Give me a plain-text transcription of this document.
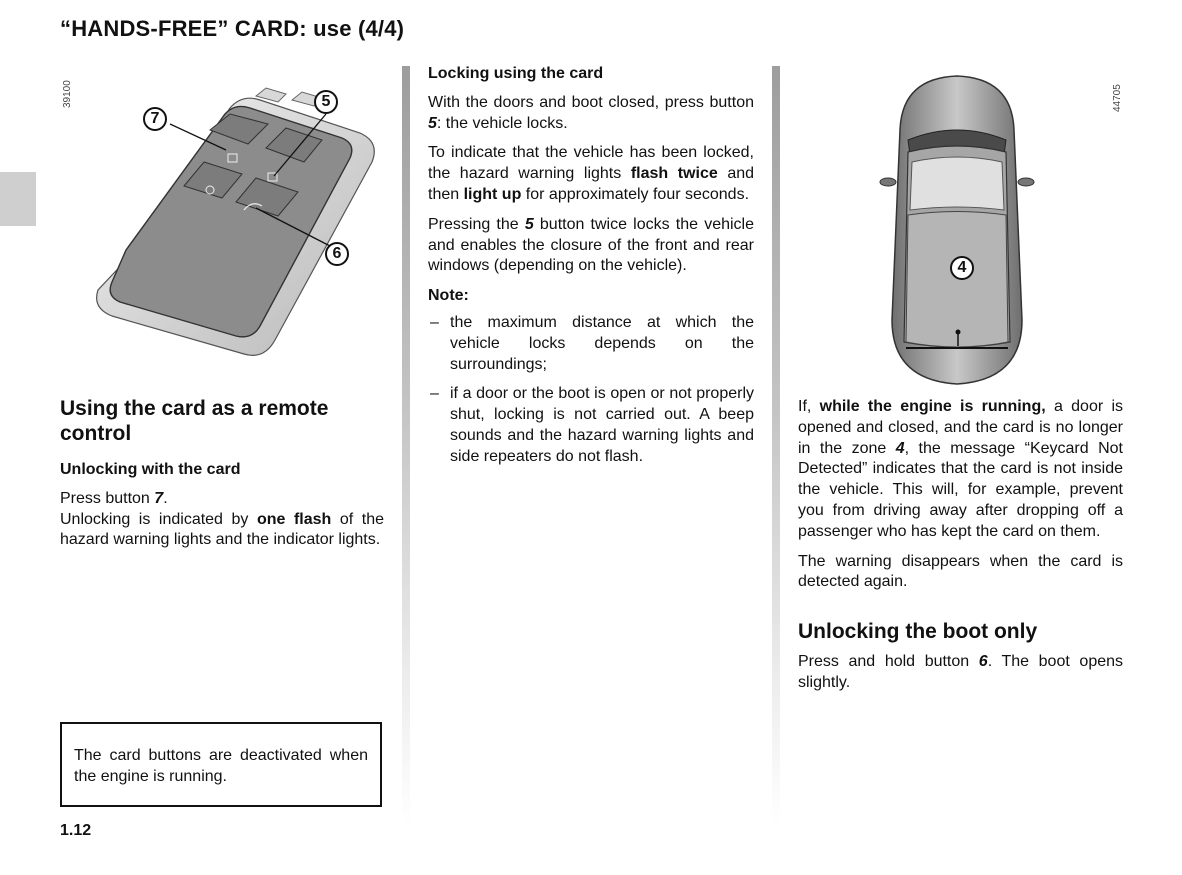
“HANDS-FREE” CARD: use (4/4)
39100
7
5
6
Using the card as a remote control
Unlocking with the card

Press button 7.

Unlocking is indicated by one flash of the hazard warning lights and the indicator lights.

The card buttons are deactivated when the engine is running.
1.12
Locking using the card

With the doors and boot closed, press button 5: the vehicle locks.

To indicate that the vehicle has been locked, the hazard warning lights flash twice and then light up for approximately four seconds.

Pressing the 5 button twice locks the vehicle and enables the closure of the front and rear windows (depending on the vehicle).

Note:
– the maximum distance at which the vehicle locks depends on the surroundings;
– if a door or the boot is open or not properly shut, locking is not carried out. A beep sounds and the hazard warning lights and side repeaters do not flash.
44705
4

If, while the engine is running, a door is opened and closed, and the card is no longer in the zone 4, the message “Keycard Not Detected” indicates that the card is not inside the vehicle. This will, for example, prevent you from driving away after dropping off a passenger who has kept the card on them.

The warning disappears when the card is detected again.

Unlocking the boot only

Press and hold button 6. The boot opens slightly.
